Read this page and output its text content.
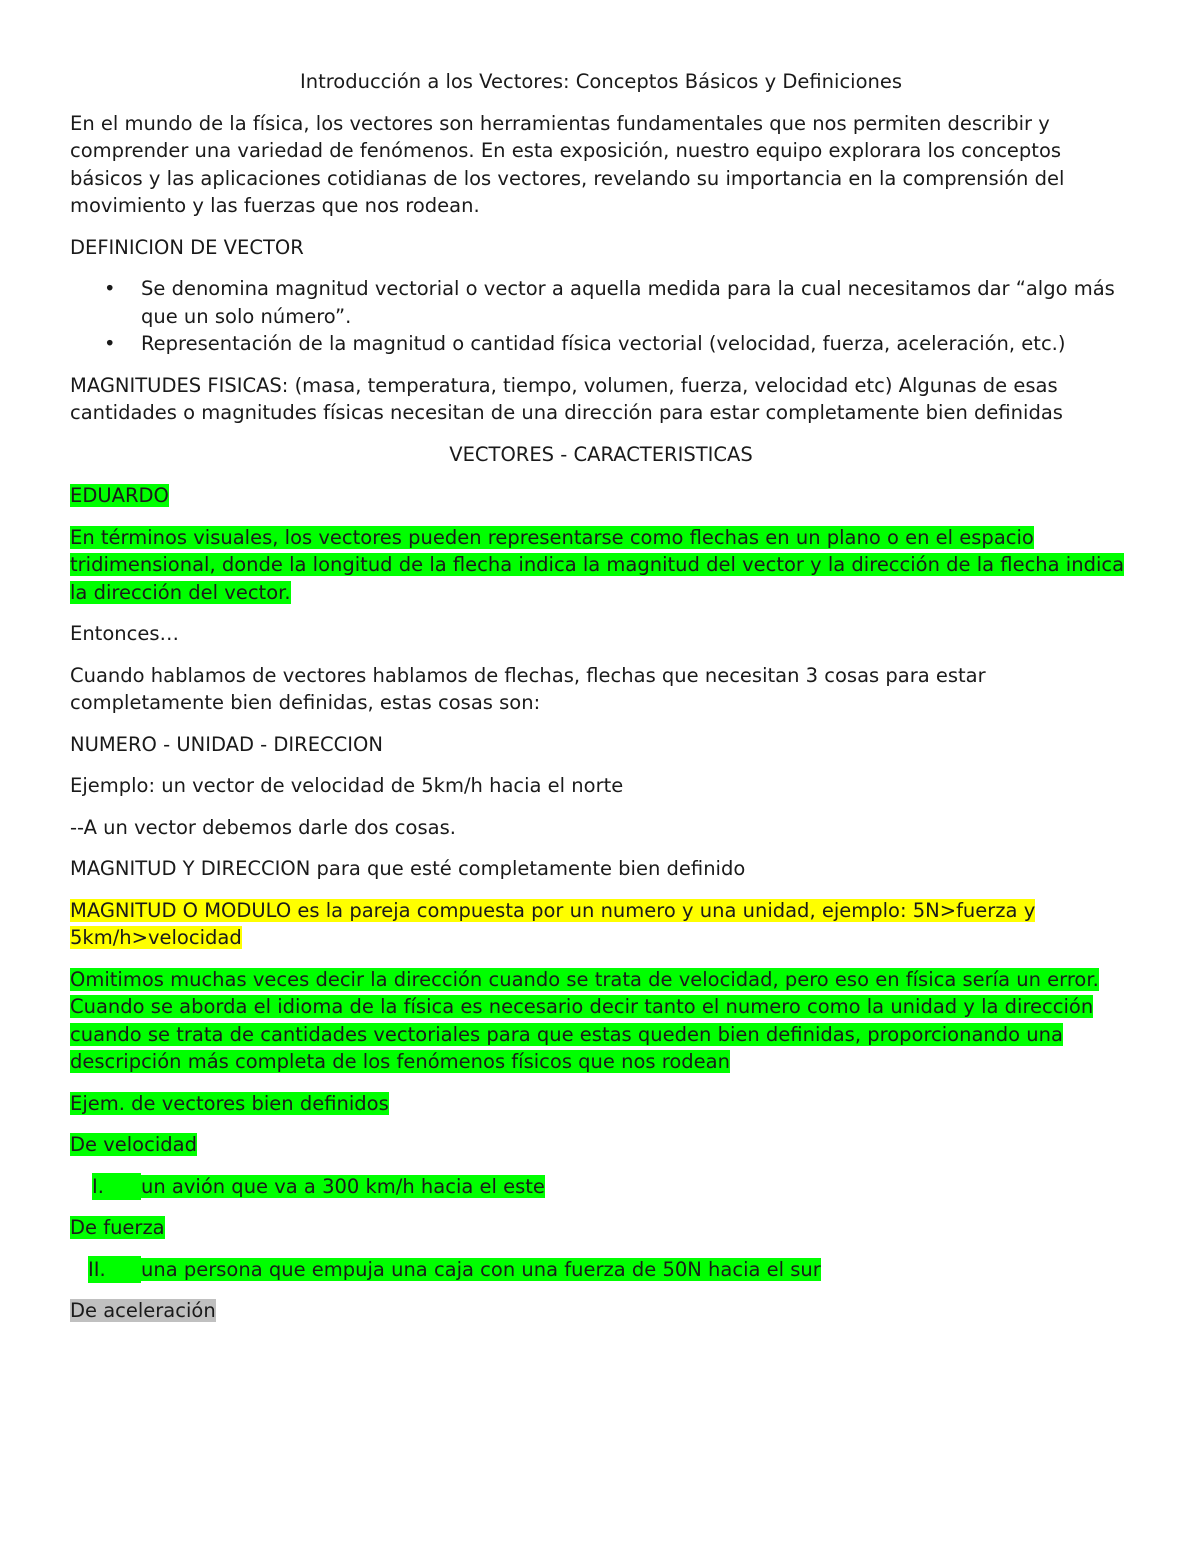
Introducción a los Vectores: Conceptos Básicos y Definiciones

En el mundo de la física, los vectores son herramientas fundamentales que nos permiten describir y comprender una variedad de fenómenos. En esta exposición, nuestro equipo explorara los conceptos básicos y las aplicaciones cotidianas de los vectores, revelando su importancia en la comprensión del movimiento y las fuerzas que nos rodean.

DEFINICION DE VECTOR

• Se denomina magnitud vectorial o vector a aquella medida para la cual necesitamos dar “algo más que un solo número”.
• Representación de la magnitud o cantidad física vectorial (velocidad, fuerza, aceleración, etc.)

MAGNITUDES FISICAS: (masa, temperatura, tiempo, volumen, fuerza, velocidad etc) Algunas de esas cantidades o magnitudes físicas necesitan de una dirección para estar completamente bien definidas

VECTORES - CARACTERISTICAS

EDUARDO

En términos visuales, los vectores pueden representarse como flechas en un plano o en el espacio tridimensional, donde la longitud de la flecha indica la magnitud del vector y la dirección de la flecha indica la dirección del vector.

Entonces…

Cuando hablamos de vectores hablamos de flechas, flechas que necesitan 3 cosas para estar completamente bien definidas, estas cosas son:

NUMERO - UNIDAD - DIRECCION

Ejemplo: un vector de velocidad de 5km/h hacia el norte

--A un vector debemos darle dos cosas.

MAGNITUD Y DIRECCION para que esté completamente bien definido

MAGNITUD O MODULO es la pareja compuesta por un numero y una unidad, ejemplo: 5N>fuerza y 5km/h>velocidad

Omitimos muchas veces decir la dirección cuando se trata de velocidad, pero eso en física sería un error. Cuando se aborda el idioma de la física es necesario decir tanto el numero como la unidad y la dirección cuando se trata de cantidades vectoriales para que estas queden bien definidas, proporcionando una descripción más completa de los fenómenos físicos que nos rodean

Ejem. de vectores bien definidos

De velocidad

I.	un avión que va a 300 km/h hacia el este

De fuerza

II.	una persona que empuja una caja con una fuerza de 50N hacia el sur

De aceleración
